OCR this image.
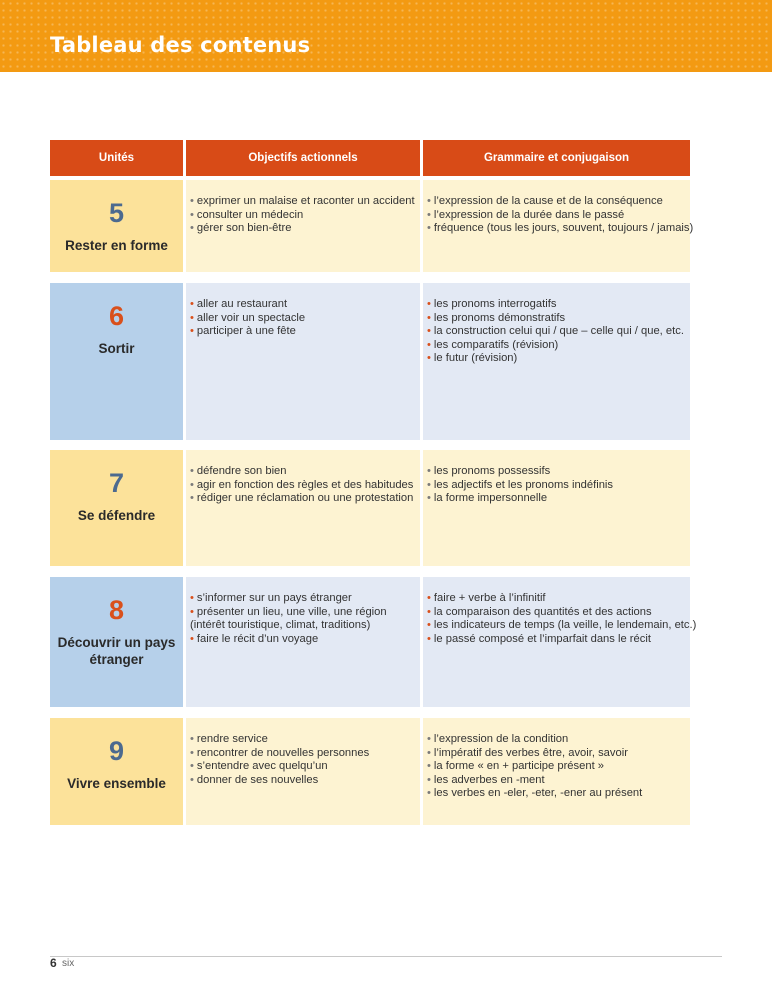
Tableau des contenus
Unités	Objectifs actionnels	Grammaire et conjugaison
5
Rester en forme
• exprimer un malaise et raconter un accident
• consulter un médecin
• gérer son bien-être
• l’expression de la cause et de la conséquence
• l’expression de la durée dans le passé
• fréquence (tous les jours, souvent, toujours / jamais)
6
Sortir
• aller au restaurant
• aller voir un spectacle
• participer à une fête
• les pronoms interrogatifs
• les pronoms démonstratifs
• la construction celui qui / que – celle qui / que, etc.
• les comparatifs (révision)
• le futur (révision)
7
Se défendre
• défendre son bien
• agir en fonction des règles et des habitudes
• rédiger une réclamation ou une protestation
• les pronoms possessifs
• les adjectifs et les pronoms indéfinis
• la forme impersonnelle
8
Découvrir un pays étranger
• s’informer sur un pays étranger
• présenter un lieu, une ville, une région (intérêt touristique, climat, traditions)
• faire le récit d’un voyage
• faire + verbe à l’infinitif
• la comparaison des quantités et des actions
• les indicateurs de temps (la veille, le lendemain, etc.)
• le passé composé et l’imparfait dans le récit
9
Vivre ensemble
• rendre service
• rencontrer de nouvelles personnes
• s’entendre avec quelqu’un
• donner de ses nouvelles
• l’expression de la condition
• l’impératif des verbes être, avoir, savoir
• la forme « en + participe présent »
• les adverbes en -ment
• les verbes en -eler, -eter, -ener au présent
6 six
